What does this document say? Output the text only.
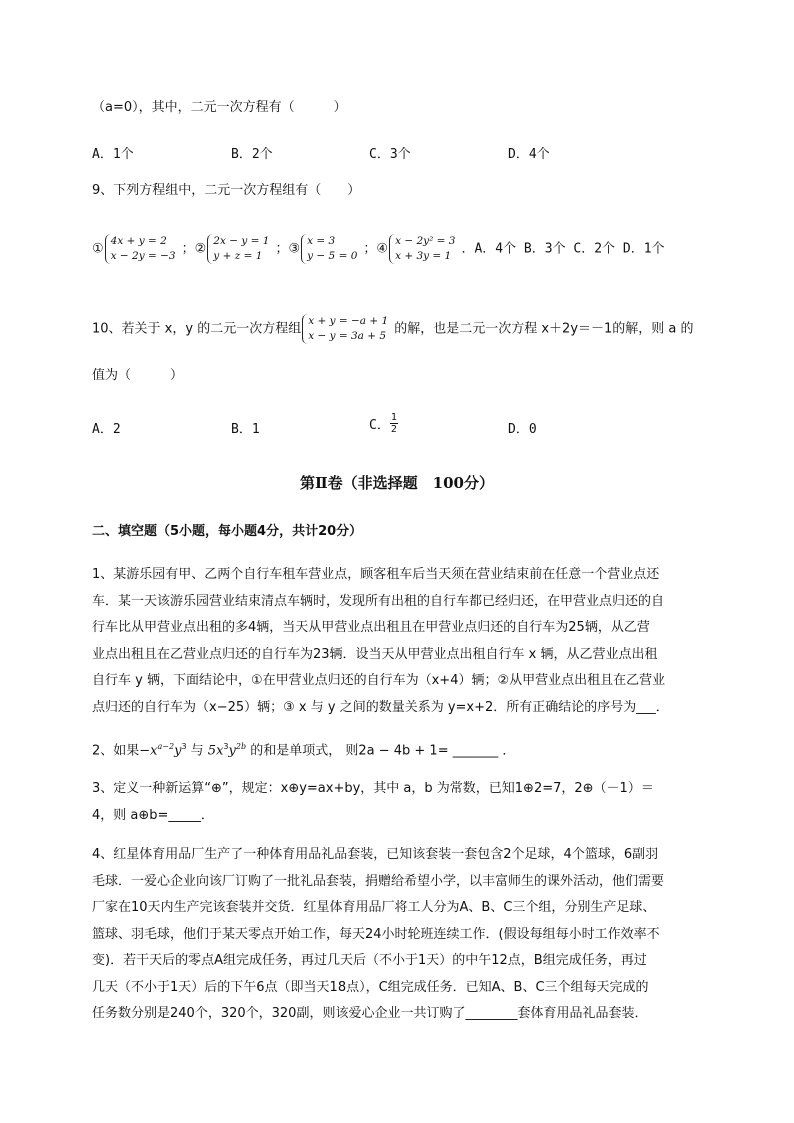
（a=0），其中，二元一次方程有（　　　）
A．1个	B．2个	C．3个	D．4个
9、下列方程组中，二元一次方程组有（　　）
①
4x + y = 2
x − 2y = −3 ；②
2x − y = 1
y + z = 1	；③
x = 3
y − 5 = 0 ；④
x − 2y² = 3
x + 3y = 1 ．A．4个 B．3个 C．2个 D．1个
10、若关于 x，y 的二元一次方程组
x + y = −a + 1
x − y = 3a + 5 的解，也是二元一次方程 x＋2y＝－1的解，则 a 的
值为（　　　）
A．2	B．1	C． $\frac{1}{2}$	D．0
第Ⅱ卷（非选择题　100分）
二、填空题（5小题，每小题4分，共计20分）
1、某游乐园有甲、乙两个自行车租车营业点，顾客租车后当天须在营业结束前在任意一个营业点还
车．某一天该游乐园营业结束清点车辆时，发现所有出租的自行车都已经归还，在甲营业点归还的自
行车比从甲营业点出租的多4辆，当天从甲营业点出租且在甲营业点归还的自行车为25辆，从乙营
业点出租且在乙营业点归还的自行车为23辆．设当天从甲营业点出租自行车 x 辆，从乙营业点出租
自行车 y 辆，下面结论中，①在甲营业点归还的自行车为（x+4）辆；②从甲营业点出租且在乙营业
点归还的自行车为（x−25）辆；③ x 与 y 之间的数量关系为 y=x+2．所有正确结论的序号为___．
2、如果$-x^{a-2}y^3$ 与 $5x^3y^{2b}$ 的和是单项式， 则2a − 4b + 1= _______ ．
3、定义一种新运算“⊕”，规定：x⊕y=ax+by，其中 a，b 为常数，已知1⊕2=7，2⊕（－1）＝
4，则 a⊕b=_____．
4、红星体育用品厂生产了一种体育用品礼品套装，已知该套装一套包含2个足球，4个篮球，6副羽
毛球．一爱心企业向该厂订购了一批礼品套装，捐赠给希望小学，以丰富师生的课外活动，他们需要
厂家在10天内生产完该套装并交货．红星体育用品厂将工人分为A、B、C三个组，分别生产足球、
篮球、羽毛球，他们于某天零点开始工作，每天24小时轮班连续工作．(假设每组每小时工作效率不
变)．若干天后的零点A组完成任务，再过几天后（不小于1天）的中午12点，B组完成任务，再过
几天（不小于1天）后的下午6点（即当天18点），C组完成任务．已知A、B、C三个组每天完成的
任务数分别是240个，320个，320副，则该爱心企业一共订购了________套体育用品礼品套装．
